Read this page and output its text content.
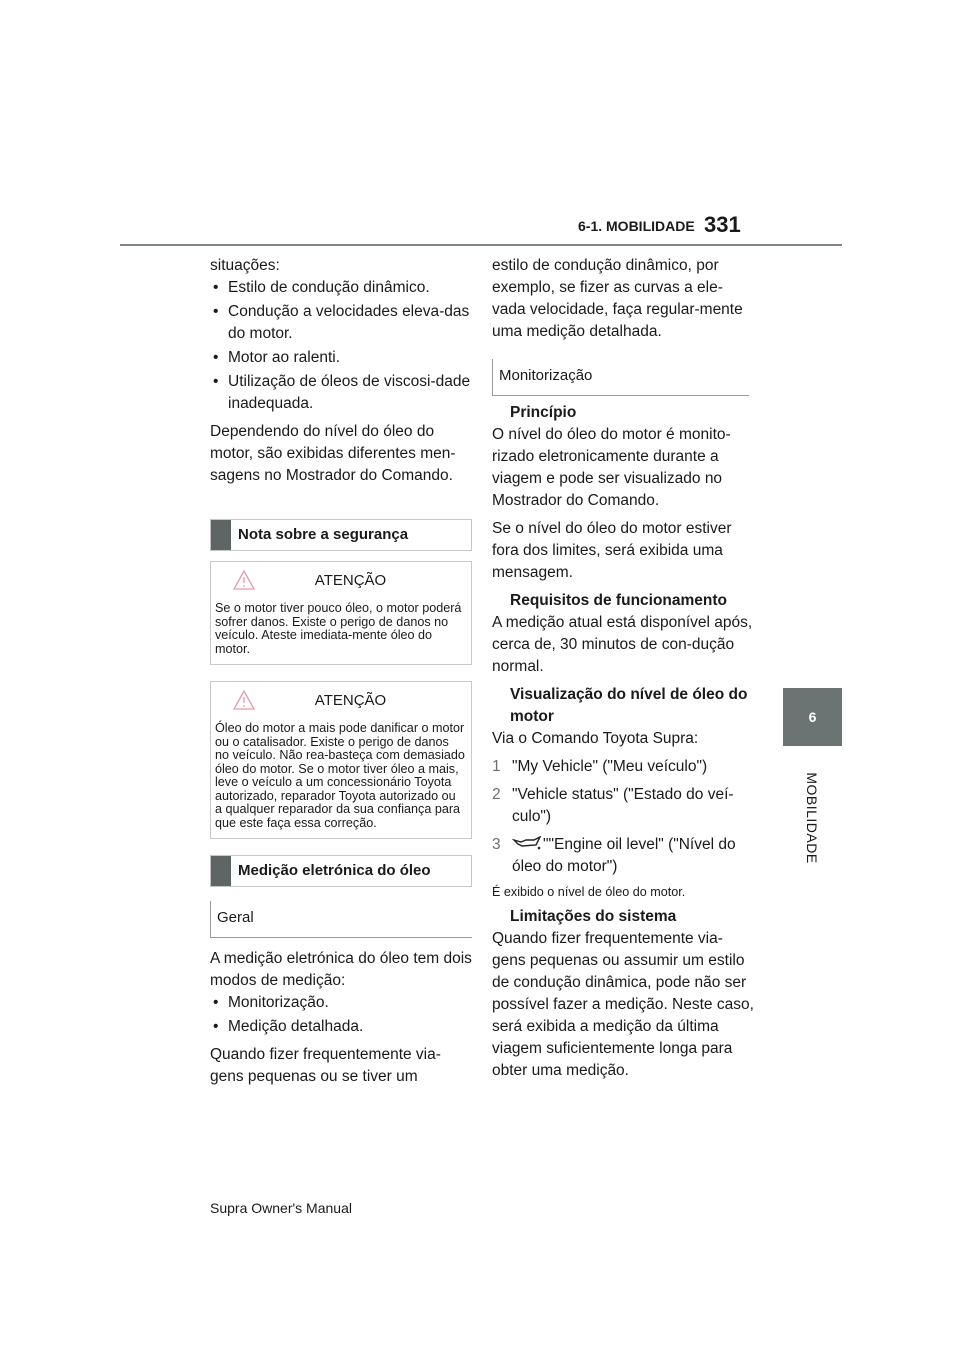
6-1. MOBILIDADE 331
6
MOBILIDADE

situações:

• Estilo de condução dinâmico.
• Condução a velocidades eleva-das do motor.
• Motor ao ralenti.
• Utilização de óleos de viscosi-dade inadequada.

Dependendo do nível do óleo do motor, são exibidas diferentes men-sagens no Mostrador do Comando.

Nota sobre a segurança
ATENÇÃO
Se o motor tiver pouco óleo, o motor poderá sofrer danos. Existe o perigo de danos no veículo. Ateste imediata-mente óleo do motor.
ATENÇÃO
Óleo do motor a mais pode danificar o motor ou o catalisador. Existe o perigo de danos no veículo. Não rea-basteça com demasiado óleo do motor. Se o motor tiver óleo a mais, leve o veículo a um concessionário Toyota autorizado, reparador Toyota autorizado ou a qualquer reparador da sua confiança para que este faça essa correção.
Medição eletrónica do óleo
Geral

A medição eletrónica do óleo tem dois modos de medição:

• Monitorização.
• Medição detalhada.

Quando fizer frequentemente via-gens pequenas ou se tiver um

estilo de condução dinâmico, por exemplo, se fizer as curvas a ele-vada velocidade, faça regular-mente uma medição detalhada.

Monitorização

Princípio

O nível do óleo do motor é monito-rizado eletronicamente durante a viagem e pode ser visualizado no Mostrador do Comando.

Se o nível do óleo do motor estiver fora dos limites, será exibida uma mensagem.

Requisitos de funcionamento

A medição atual está disponível após, cerca de, 30 minutos de con-dução normal.

Visualização do nível de óleo do motor

Via o Comando Toyota Supra:

1 "My Vehicle" ("Meu veículo")
2 "Vehicle status" ("Estado do veí-culo")
3	""Engine oil level" ("Nível do óleo do motor")

É exibido o nível de óleo do motor.

Limitações do sistema

Quando fizer frequentemente via-gens pequenas ou assumir um estilo de condução dinâmica, pode não ser possível fazer a medição. Neste caso, será exibida a medição da última viagem suficientemente longa para obter uma medição.

Supra Owner's Manual
